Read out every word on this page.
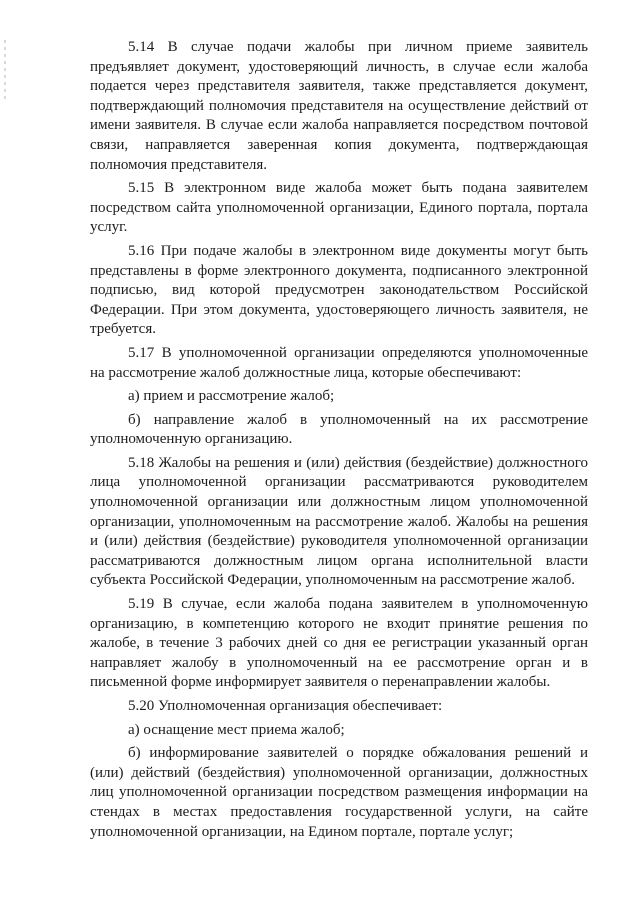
5.14 В случае подачи жалобы при личном приеме заявитель предъявляет документ, удостоверяющий личность, в случае если жалоба подается через представителя заявителя, также представляется документ, подтверждающий полномочия представителя на осуществление действий от имени заявителя. В случае если жалоба направляется посредством почтовой связи, направляется заверенная копия документа, подтверждающая полномочия представителя.

5.15 В электронном виде жалоба может быть подана заявителем посредством сайта уполномоченной организации, Единого портала, портала услуг.

5.16 При подаче жалобы в электронном виде документы могут быть представлены в форме электронного документа, подписанного электронной подписью, вид которой предусмотрен законодательством Российской Федерации. При этом документа, удостоверяющего личность заявителя, не требуется.

5.17 В уполномоченной организации определяются уполномоченные на рассмотрение жалоб должностные лица, которые обеспечивают:

а) прием и рассмотрение жалоб;

б) направление жалоб в уполномоченный на их рассмотрение уполномоченную организацию.

5.18 Жалобы на решения и (или) действия (бездействие) должностного лица уполномоченной организации рассматриваются руководителем уполномоченной организации или должностным лицом уполномоченной организации, уполномоченным на рассмотрение жалоб. Жалобы на решения и (или) действия (бездействие) руководителя уполномоченной организации рассматриваются должностным лицом органа исполнительной власти субъекта Российской Федерации, уполномоченным на рассмотрение жалоб.

5.19 В случае, если жалоба подана заявителем в уполномоченную организацию, в компетенцию которого не входит принятие решения по жалобе, в течение 3 рабочих дней со дня ее регистрации указанный орган направляет жалобу в уполномоченный на ее рассмотрение орган и в письменной форме информирует заявителя о перенаправлении жалобы.

5.20 Уполномоченная организация обеспечивает:

а) оснащение мест приема жалоб;

б) информирование заявителей о порядке обжалования решений и (или) действий (бездействия) уполномоченной организации, должностных лиц уполномоченной организации посредством размещения информации на стендах в местах предоставления государственной услуги, на сайте уполномоченной организации, на Едином портале, портале услуг;
